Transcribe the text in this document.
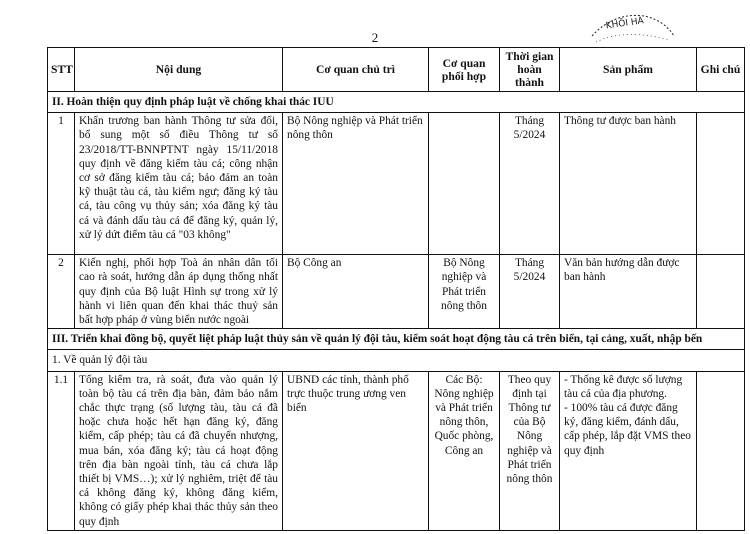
2
KHÔI HÀ
STT	Nội dung	Cơ quan chủ trì	Cơ quan phối hợp	Thời gian hoàn thành	Sản phẩm	Ghi chú
II. Hoàn thiện quy định pháp luật về chống khai thác IUU						
1	Khẩn trương ban hành Thông tư sửa đổi, bổ sung một số điều Thông tư số 23/2018/TT-BNNPTNT ngày 15/11/2018 quy định về đăng kiểm tàu cá; công nhận cơ sở đăng kiểm tàu cá; bảo đảm an toàn kỹ thuật tàu cá, tàu kiểm ngư; đăng ký tàu cá, tàu công vụ thủy sản; xóa đăng ký tàu cá và đánh dấu tàu cá để đăng ký, quản lý, xử lý dứt điểm tàu cá "03 không"	Bộ Nông nghiệp và Phát triển nông thôn		Tháng 5/2024	Thông tư được ban hành	
2	Kiến nghị, phối hợp Toà án nhân dân tối cao rà soát, hướng dẫn áp dụng thống nhất quy định của Bộ luật Hình sự trong xử lý hành vi liên quan đến khai thác thuỷ sản bất hợp pháp ở vùng biển nước ngoài	Bộ Công an	Bộ Nông nghiệp và Phát triển nông thôn	Tháng 5/2024	Văn bản hướng dẫn được ban hành	
III. Triển khai đồng bộ, quyết liệt pháp luật thủy sản về quản lý đội tàu, kiểm soát hoạt động tàu cá trên biển, tại cảng, xuất, nhập bến						
1. Về quản lý đội tàu						
1.1	Tổng kiểm tra, rà soát, đưa vào quản lý toàn bộ tàu cá trên địa bàn, đảm bảo nắm chắc thực trạng (số lượng tàu, tàu cá đã hoặc chưa hoặc hết hạn đăng ký, đăng kiểm, cấp phép; tàu cá đã chuyển nhượng, mua bán, xóa đăng ký; tàu cá hoạt động trên địa bàn ngoài tỉnh, tàu cá chưa lắp thiết bị VMS…); xử lý nghiêm, triệt để tàu cá không đăng ký, không đăng kiểm, không có giấy phép khai thác thủy sản theo quy định	UBND các tỉnh, thành phố trực thuộc trung ương ven biển	Các Bộ: Nông nghiệp và Phát triển nông thôn, Quốc phòng, Công an	Theo quy định tại Thông tư của Bộ Nông nghiệp và Phát triển nông thôn	- Thống kê được số lượng tàu cá của địa phương.
- 100% tàu cá được đăng ký, đăng kiểm, đánh dấu, cấp phép, lắp đặt VMS theo quy định	
